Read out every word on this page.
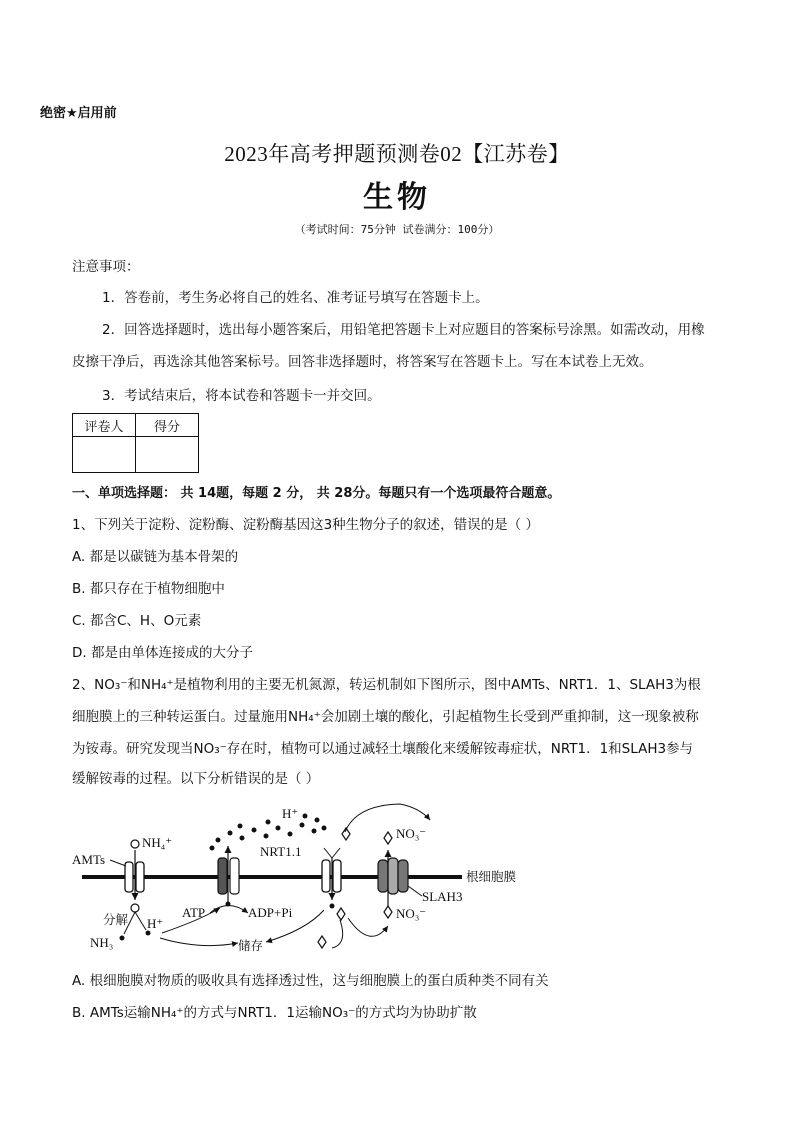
绝密★启用前
2023年高考押题预测卷02【江苏卷】
生物
（考试时间：75分钟 试卷满分：100分）
注意事项：
1．答卷前，考生务必将自己的姓名、准考证号填写在答题卡上。
2．回答选择题时，选出每小题答案后，用铅笔把答题卡上对应题目的答案标号涂黑。如需改动，用橡
皮擦干净后，再选涂其他答案标号。回答非选择题时，将答案写在答题卡上。写在本试卷上无效。
3．考试结束后，将本试卷和答题卡一并交回。
评卷人	得分

一、单项选择题： 共 14题，每题 2 分， 共 28分。每题只有一个选项最符合题意。
1、下列关于淀粉、淀粉酶、淀粉酶基因这3种生物分子的叙述，错误的是（ ）
A. 都是以碳链为基本骨架的
B. 都只存在于植物细胞中
C. 都含C、H、O元素
D. 都是由单体连接成的大分子
2、NO₃⁻和NH₄⁺是植物利用的主要无机氮源，转运机制如下图所示，图中AMTs、NRT1．1、SLAH3为根
细胞膜上的三种转运蛋白。过量施用NH₄⁺会加剧土壤的酸化，引起植物生长受到严重抑制，这一现象被称
为铵毒。研究发现当NO₃⁻存在时，植物可以通过减轻土壤酸化来缓解铵毒症状，NRT1．1和SLAH3参与
缓解铵毒的过程。以下分析错误的是（ ）
根细胞膜
AMTs
NH₄⁺
分解
NH₃
H⁺
ATP	ADP+Pi
H⁺
NRT1.1
SLAH3
NO₃⁻
NO₃⁻
储存
A. 根细胞膜对物质的吸收具有选择透过性，这与细胞膜上的蛋白质种类不同有关
B. AMTs运输NH₄⁺的方式与NRT1．1运输NO₃⁻的方式均为协助扩散
